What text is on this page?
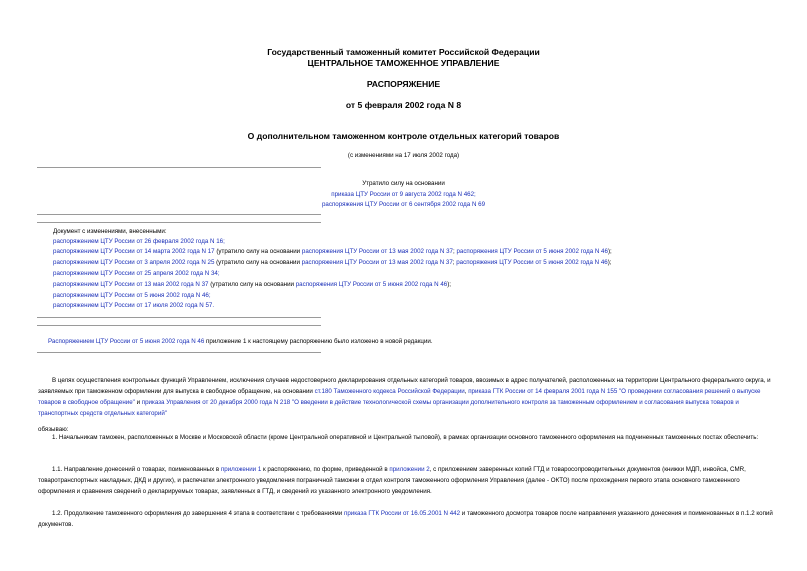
Государственный таможенный комитет Российской Федерации
ЦЕНТРАЛЬНОЕ ТАМОЖЕННОЕ УПРАВЛЕНИЕ
РАСПОРЯЖЕНИЕ
от 5 февраля 2002 года N 8
О дополнительном таможенном контроле отдельных категорий товаров
(с изменениями на 17 июля 2002 года)
Утратило силу на основании
приказа ЦТУ России от 9 августа 2002 года N 462;
распоряжения ЦТУ России от 6 сентября 2002 года N 69
Документ с изменениями, внесенными:
распоряжением ЦТУ России от 26 февраля 2002 года N 16;
распоряжением ЦТУ России от 14 марта 2002 года N 17 (утратило силу на основании распоряжения ЦТУ России от 13 мая 2002 года N 37; распоряжения ЦТУ России от 5 июня 2002 года N 46);
распоряжением ЦТУ России от 3 апреля 2002 года N 25 (утратило силу на основании распоряжения ЦТУ России от 13 мая 2002 года N 37; распоряжения ЦТУ России от 5 июня 2002 года N 46);
распоряжением ЦТУ России от 25 апреля 2002 года N 34;
распоряжением ЦТУ России от 13 мая 2002 года N 37 (утратило силу на основании распоряжения ЦТУ России от 5 июня 2002 года N 46);
распоряжением ЦТУ России от 5 июня 2002 года N 46;
распоряжением ЦТУ России от 17 июля 2002 года N 57.
Распоряжением ЦТУ России от 5 июня 2002 года N 46 приложение 1 к настоящему распоряжению было изложено в новой редакции.
В целях осуществления контрольных функций Управлением, исключения случаев недостоверного декларирования отдельных категорий товаров, ввозимых в адрес получателей, расположенных на территории Центрального федерального округа, и заявляемых при таможенном оформлении для выпуска в свободное обращение, на основании ст.180 Таможенного кодекса Российской Федерации, приказа ГТК России от 14 февраля 2001 года N 155 "О проведении согласования решений о выпуске товаров в свободное обращение" и приказа Управления от 20 декабря 2000 года N 218 "О введении в действие технологической схемы организации дополнительного контроля за таможенным оформлением и согласования выпуска товаров и транспортных средств отдельных категорий"
обязываю:
1. Начальникам таможен, расположенных в Москве и Московской области (кроме Центральной оперативной и Центральной тыловой), в рамках организации основного таможенного оформления на подчиненных таможенных постах обеспечить:
1.1. Направление донесений о товарах, поименованных в приложении 1 к распоряжению, по форме, приведенной в приложении 2, с приложением заверенных копий ГТД и товаросопроводительных документов (книжки МДП, инвойса, CMR, товаротранспортных накладных, ДКД и других), и распечатки электронного уведомления пограничной таможни в отдел контроля таможенного оформления Управления (далее - ОКТО) после прохождения первого этапа основного таможенного оформления и сравнения сведений о декларируемых товарах, заявленных в ГТД, и сведений из указанного электронного уведомления.
1.2. Продолжение таможенного оформления до завершения 4 этапа в соответствии с требованиями приказа ГТК России от 16.05.2001 N 442 и таможенного досмотра товаров после направления указанного донесения и поименованных в п.1.2 копий документов.
